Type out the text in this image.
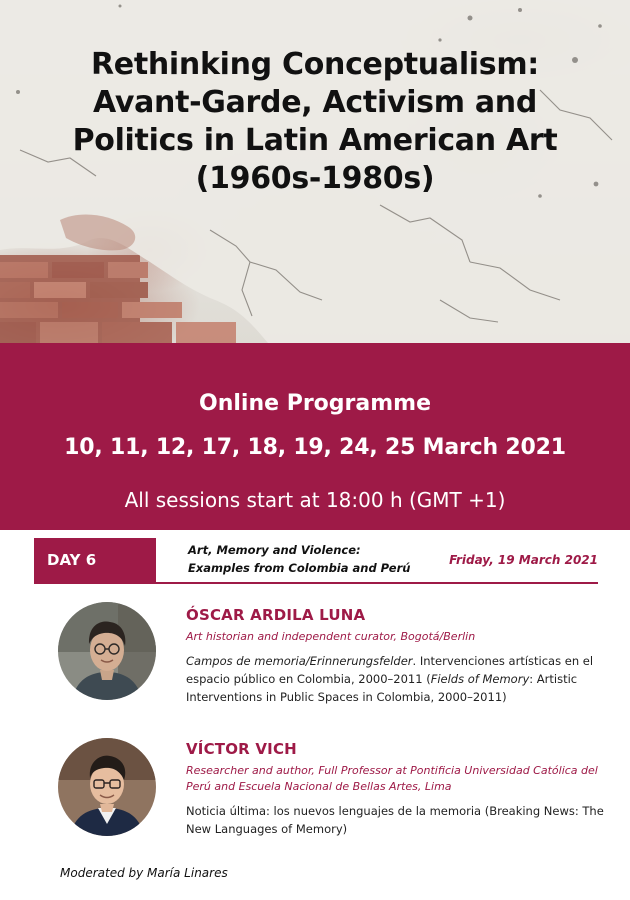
Rethinking Conceptualism:
Avant-Garde, Activism and
Politics in Latin American Art
(1960s-1980s)
Online Programme
10, 11, 12, 17, 18, 19, 24, 25 March 2021
All sessions start at 18:00 h (GMT +1)
DAY 6
Art, Memory and Violence:
Examples from Colombia and Perú
Friday, 19 March 2021
ÓSCAR ARDILA LUNA
Art historian and independent curator, Bogotá/Berlin
Campos de memoria/Erinnerungsfelder. Intervenciones artísticas en el espacio público en Colombia, 2000–2011 (Fields of Memory: Artistic Interventions in Public Spaces in Colombia, 2000–2011)
VÍCTOR VICH
Researcher and author, Full Professor at Pontificia Universidad Católica del Perú and Escuela Nacional de Bellas Artes, Lima
Noticia última: los nuevos lenguajes de la memoria (Breaking News: The New Languages of Memory)
Moderated by María Linares
